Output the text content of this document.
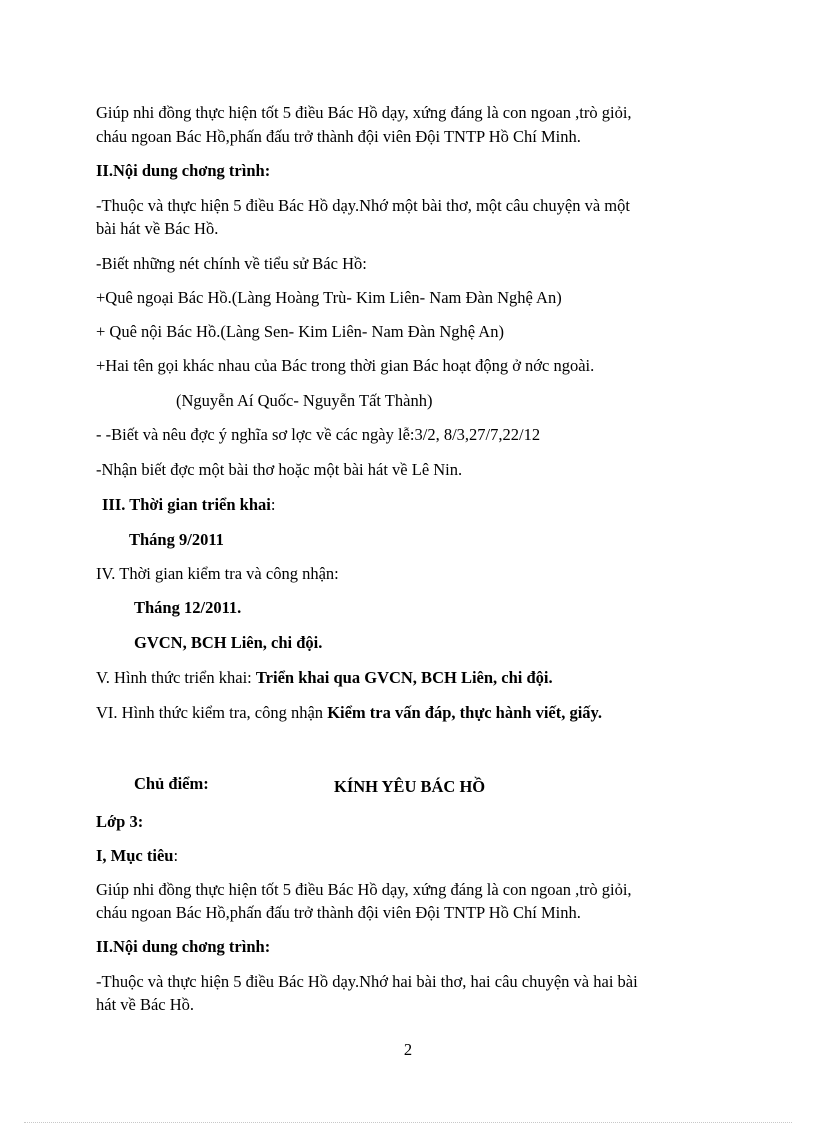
Giúp nhi đồng thực hiện tốt 5 điều Bác Hồ dạy, xứng đáng là con ngoan ,trò giỏi,

cháu ngoan Bác Hồ,phấn đấu trở thành đội viên Đội TNTP Hồ Chí Minh.

II.Nội dung chơng trình:

-Thuộc và thực hiện 5 điều Bác Hồ dạy.Nhớ một bài thơ, một câu chuyện và một

bài hát về Bác Hồ.

-Biết những nét chính về tiểu sử Bác Hồ:

+Quê ngoại Bác Hồ.(Làng Hoàng Trù- Kim Liên- Nam Đàn Nghệ An)

+ Quê nội Bác Hồ.(Làng Sen- Kim Liên- Nam Đàn Nghệ An)

+Hai tên gọi khác nhau của Bác trong thời gian Bác hoạt động ở nớc ngoài.

(Nguyễn Aí Quốc- Nguyễn Tất Thành)

- -Biết và nêu đợc ý nghĩa sơ lợc về các ngày lễ:3/2, 8/3,27/7,22/12

-Nhận biết đợc một bài thơ hoặc một bài hát về Lê Nin.

III. Thời gian triển khai:

Tháng 9/2011

IV. Thời gian kiểm tra và công nhận:

Tháng 12/2011.

GVCN, BCH Liên, chi đội.

V. Hình thức triển khai: Triển khai qua GVCN, BCH Liên, chi đội.

VI. Hình thức kiểm tra, công nhận Kiểm tra vấn đáp, thực hành viết, giấy.

Chủ điểm:	KÍNH YÊU BÁC HỒ

Lớp 3:

I, Mục tiêu:

Giúp nhi đồng thực hiện tốt 5 điều Bác Hồ dạy, xứng đáng là con ngoan ,trò giỏi,

cháu ngoan Bác Hồ,phấn đấu trở thành đội viên Đội TNTP Hồ Chí Minh.

II.Nội dung chơng trình:

-Thuộc và thực hiện 5 điều Bác Hồ dạy.Nhớ hai bài thơ, hai câu chuyện và hai bài

hát về Bác Hồ.

2
